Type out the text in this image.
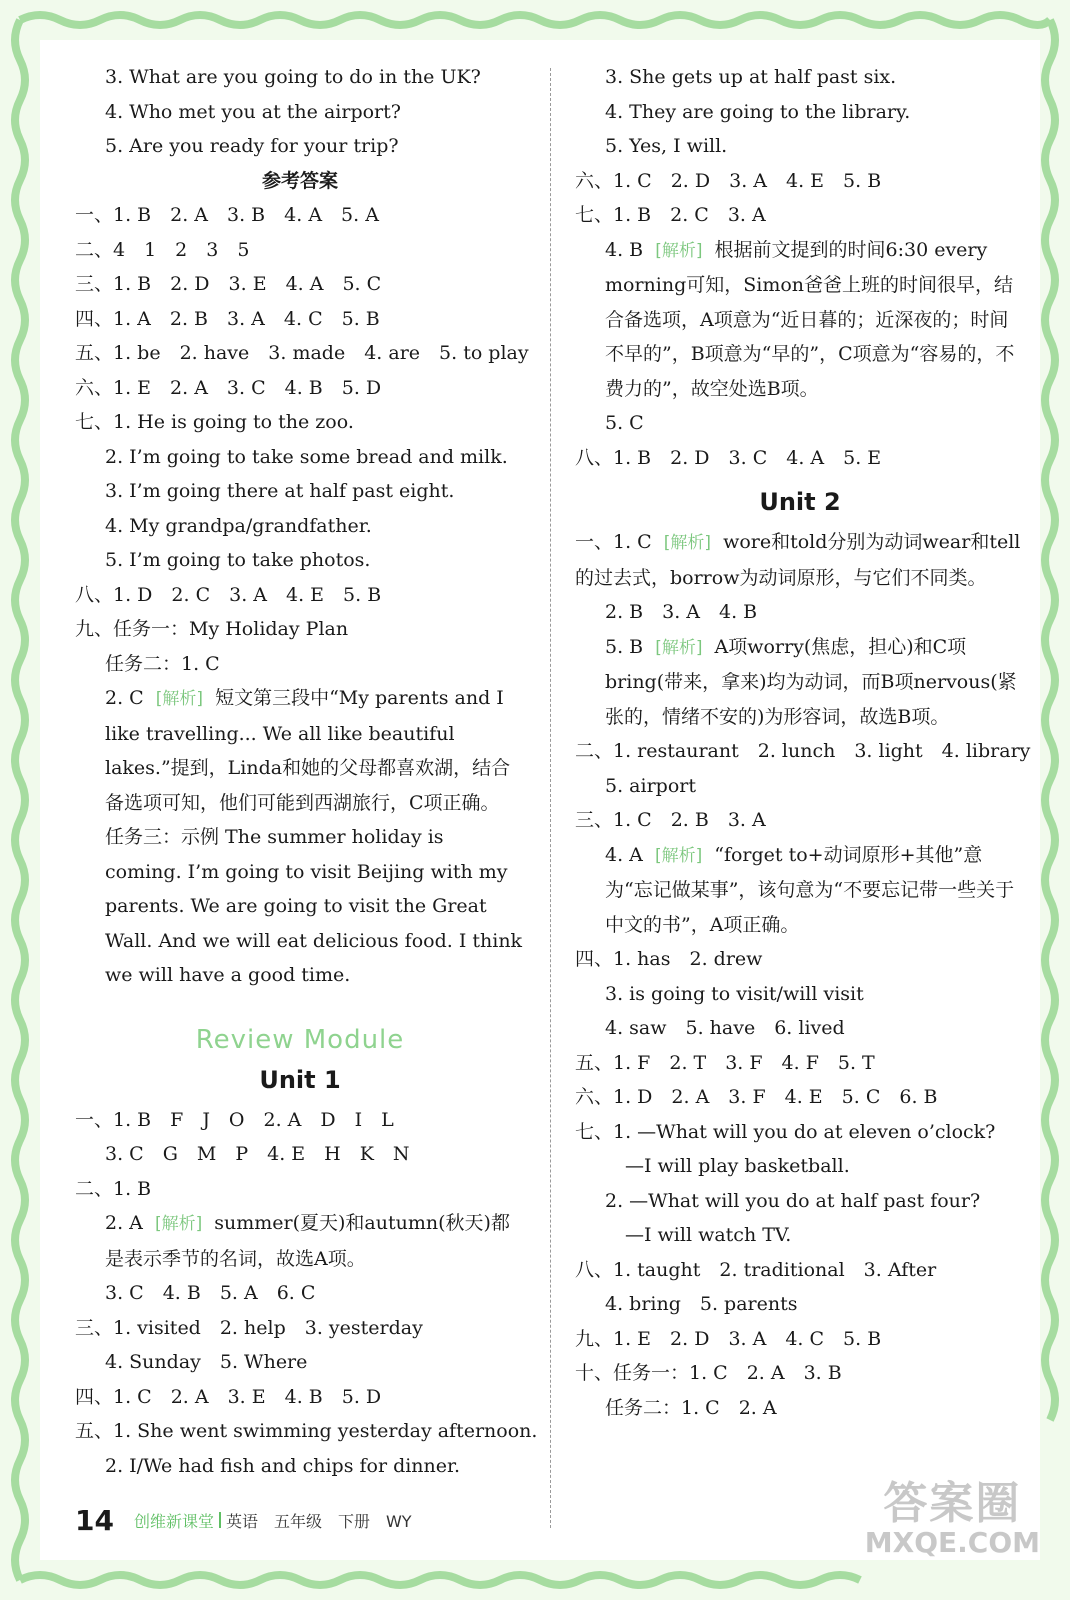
3. What are you going to do in the UK?
4. Who met you at the airport?
5. Are you ready for your trip?
参考答案
一、1. B　2. A　3. B　4. A　5. A
二、4　1　2　3　5
三、1. B　2. D　3. E　4. A　5. C
四、1. A　2. B　3. A　4. C　5. B
五、1. be　2. have　3. made　4. are　5. to play
六、1. E　2. A　3. C　4. B　5. D
七、1. He is going to the zoo.
2. I’m going to take some bread and milk.
3. I’m going there at half past eight.
4. My grandpa/grandfather.
5. I’m going to take photos.
八、1. D　2. C　3. A　4. E　5. B
九、任务一：My Holiday Plan
任务二：1. C
2. C [解析] 短文第三段中“My parents and I like travelling... We all like beautiful lakes.”提到，Linda和她的父母都喜欢湖，结合备选项可知，他们可能到西湖旅行，C项正确。
任务三：示例 The summer holiday is coming. I’m going to visit Beijing with my parents. We are going to visit the Great Wall. And we will eat delicious food. I think we will have a good time.
Review Module
Unit 1
一、1. B　F　J　O　2. A　D　I　L
3. C　G　M　P　4. E　H　K　N
二、1. B
2. A [解析] summer(夏天)和autumn(秋天)都是表示季节的名词，故选A项。
3. C　4. B　5. A　6. C
三、1. visited　2. help　3. yesterday
4. Sunday　5. Where
四、1. C　2. A　3. E　4. B　5. D
五、1. She went swimming yesterday afternoon.
2. I/We had fish and chips for dinner.
3. She gets up at half past six.
4. They are going to the library.
5. Yes, I will.
六、1. C　2. D　3. A　4. E　5. B
七、1. B　2. C　3. A
4. B [解析] 根据前文提到的时间6:30 every morning可知，Simon爸爸上班的时间很早，结合备选项，A项意为“近日暮的；近深夜的；时间不早的”，B项意为“早的”，C项意为“容易的，不费力的”，故空处选B项。
5. C
八、1. B　2. D　3. C　4. A　5. E
Unit 2
一、1. C [解析] wore和told分别为动词wear和tell的过去式，borrow为动词原形，与它们不同类。
2. B　3. A　4. B
5. B [解析] A项worry(焦虑，担心)和C项bring(带来，拿来)均为动词，而B项nervous(紧张的，情绪不安的)为形容词，故选B项。
二、1. restaurant　2. lunch　3. light　4. library
5. airport
三、1. C　2. B　3. A
4. A [解析] “forget to+动词原形+其他”意为“忘记做某事”，该句意为“不要忘记带一些关于中文的书”，A项正确。
四、1. has　2. drew
3. is going to visit/will visit
4. saw　5. have　6. lived
五、1. F　2. T　3. F　4. F　5. T
六、1. D　2. A　3. F　4. E　5. C　6. B
七、1. —What will you do at eleven o’clock?
—I will play basketball.
2. —What will you do at half past four?
—I will watch TV.
八、1. taught　2. traditional　3. After
4. bring　5. parents
九、1. E　2. D　3. A　4. C　5. B
十、任务一：1. C　2. A　3. B
任务二：1. C　2. A
14 创维新课堂 英语　五年级　下册　WY	答案圈
MXQE.COM
